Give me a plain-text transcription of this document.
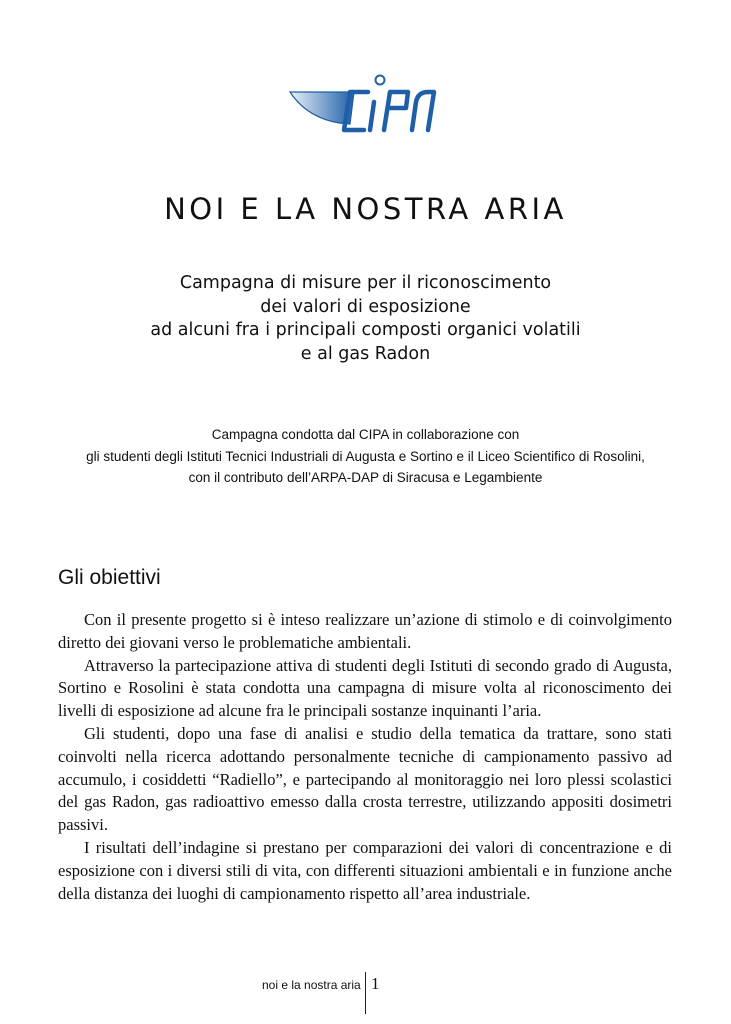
NOI E LA NOSTRA ARIA
Campagna di misure per il riconoscimento
dei valori di esposizione
ad alcuni fra i principali composti organici volatili
e al gas Radon
Campagna condotta dal CIPA in collaborazione con
gli studenti degli Istituti Tecnici Industriali di Augusta e Sortino e il Liceo Scientifico di Rosolini,
con il contributo dell’ARPA-DAP di Siracusa e Legambiente
Gli obiettivi

Con il presente progetto si è inteso realizzare un’azione di stimolo e di coinvolgimento diretto dei giovani verso le problematiche ambientali.

Attraverso la partecipazione attiva di studenti degli Istituti di secondo grado di Augusta, Sortino e Rosolini è stata condotta una campagna di misure volta al riconoscimento dei livelli di esposizione ad alcune fra le principali sostanze inquinanti l’aria.

Gli studenti, dopo una fase di analisi e studio della tematica da trattare, sono stati coinvolti nella ricerca adottando personalmente tecniche di campionamento passivo ad accumulo, i cosiddetti “Radiello”, e partecipando al monitoraggio nei loro plessi scolastici del gas Radon, gas radioattivo emesso dalla crosta terrestre, utilizzando appositi dosimetri passivi.

I risultati dell’indagine si prestano per comparazioni dei valori di concentrazione e di esposizione con i diversi stili di vita, con differenti situazioni ambientali e in funzione anche della distanza dei luoghi di campionamento rispetto all’area industriale.

noi e la nostra aria 1
